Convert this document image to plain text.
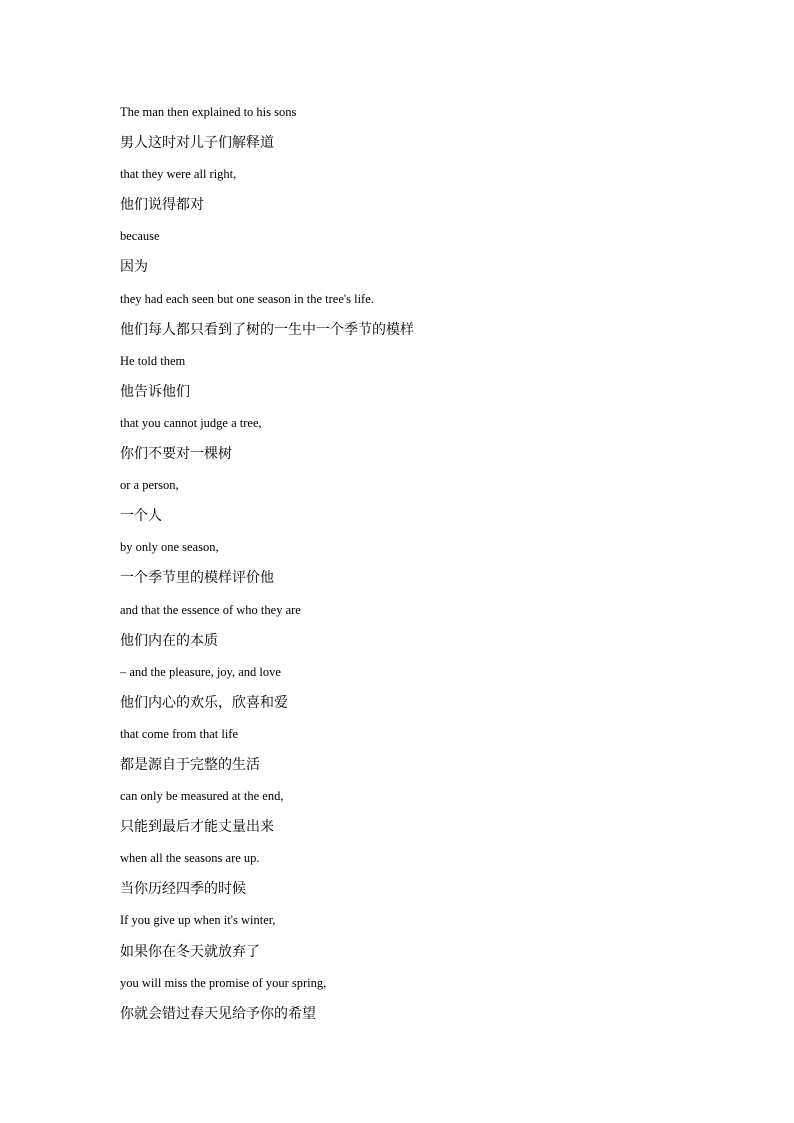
The man then explained to his sons
男人这时对儿子们解释道
that they were all right,
他们说得都对
because
因为
they had each seen but one season in the tree's life.
他们每人都只看到了树的一生中一个季节的模样
He told them
他告诉他们
that you cannot judge a tree,
你们不要对一棵树
or a person,
一个人
by only one season,
一个季节里的模样评价他
and that the essence of who they are
他们内在的本质
– and the pleasure, joy, and love
他们内心的欢乐，欣喜和爱
that come from that life
都是源自于完整的生活
can only be measured at the end,
只能到最后才能丈量出来
when all the seasons are up.
当你历经四季的时候
If you give up when it's winter,
如果你在冬天就放弃了
you will miss the promise of your spring,
你就会错过春天见给予你的希望
